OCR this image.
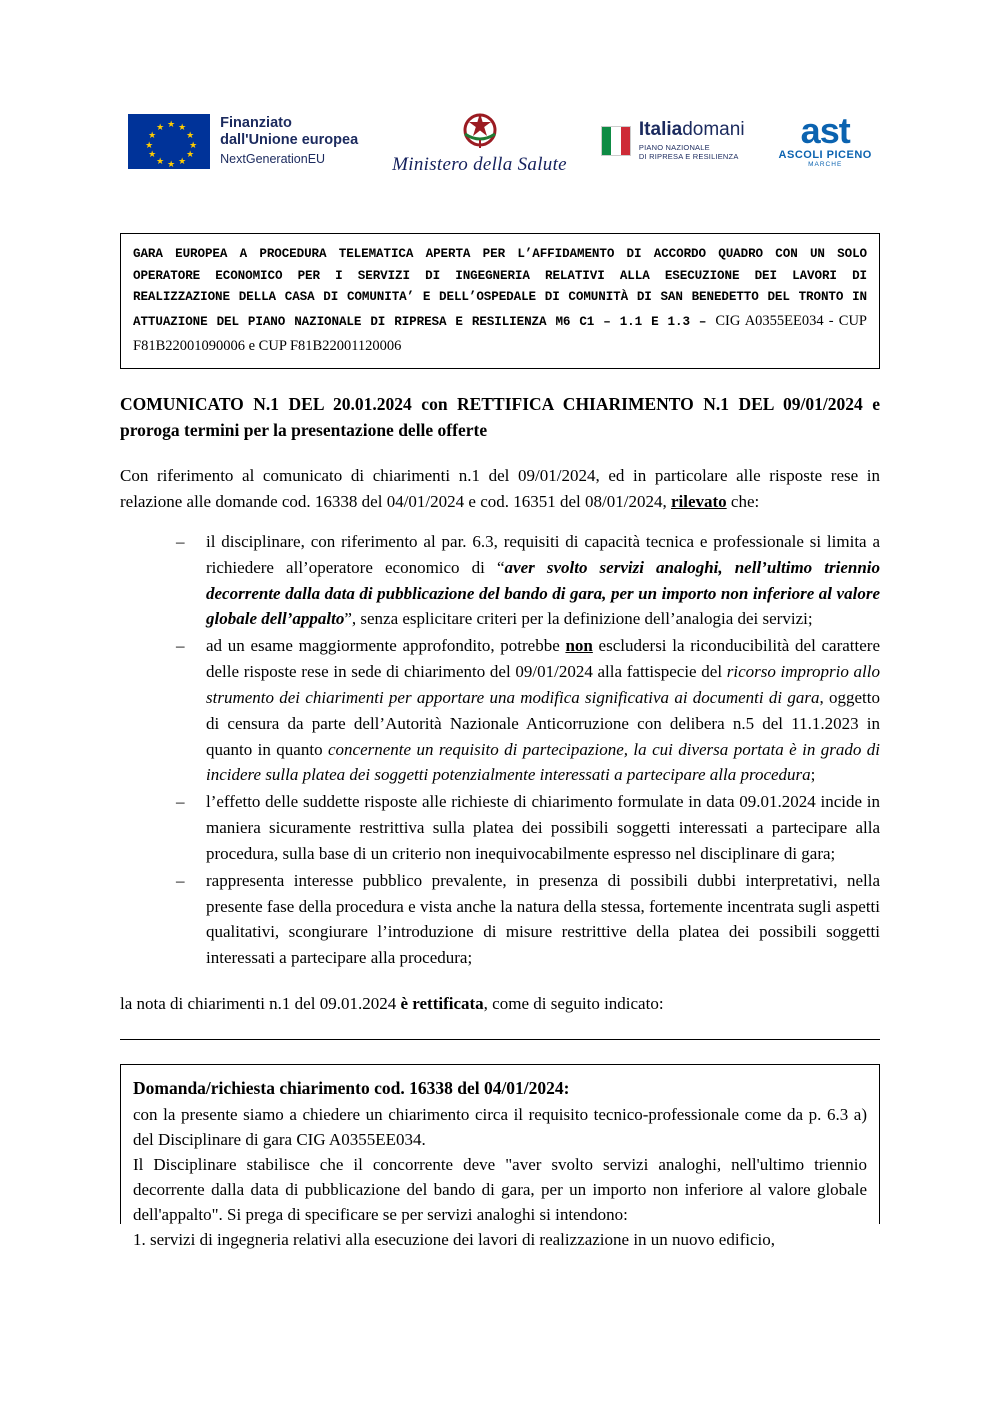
★ ★
★
★
★
★
★
★
★
★
★
★	Finanziato
dall'Unione europea
NextGenerationEU	Ministero della Salute
Italiadomani
PIANO NAZIONALE
DI RIPRESA E RESILIENZA
ast
ASCOLI PICENO
MARCHE
GARA EUROPEA A PROCEDURA TELEMATICA APERTA PER L’AFFIDAMENTO DI ACCORDO QUADRO CON UN SOLO OPERATORE ECONOMICO PER I SERVIZI DI INGEGNERIA RELATIVI ALLA ESECUZIONE DEI LAVORI DI REALIZZAZIONE DELLA CASA DI COMUNITA’ E DELL’OSPEDALE DI COMUNITÀ DI SAN BENEDETTO DEL TRONTO IN ATTUAZIONE DEL PIANO NAZIONALE DI RIPRESA E RESILIENZA M6 C1 – 1.1 E 1.3 – CIG A0355EE034 - CUP F81B22001090006 e CUP F81B22001120006
COMUNICATO N.1 DEL 20.01.2024 con RETTIFICA CHIARIMENTO N.1 DEL 09/01/2024 e proroga termini per la presentazione delle offerte

Con riferimento al comunicato di chiarimenti n.1 del 09/01/2024, ed in particolare alle risposte rese in relazione alle domande cod. 16338 del 04/01/2024 e cod. 16351 del 08/01/2024, rilevato che:

– il disciplinare, con riferimento al par. 6.3, requisiti di capacità tecnica e professionale si limita a richiedere all’operatore economico di “aver svolto servizi analoghi, nell’ultimo triennio decorrente dalla data di pubblicazione del bando di gara, per un importo non inferiore al valore globale dell’appalto”, senza esplicitare criteri per la definizione dell’analogia dei servizi;
– ad un esame maggiormente approfondito, potrebbe non escludersi la riconducibilità del carattere delle risposte rese in sede di chiarimento del 09/01/2024 alla fattispecie del ricorso improprio allo strumento dei chiarimenti per apportare una modifica significativa ai documenti di gara, oggetto di censura da parte dell’Autorità Nazionale Anticorruzione con delibera n.5 del 11.1.2023 in quanto in quanto concernente un requisito di partecipazione, la cui diversa portata è in grado di incidere sulla platea dei soggetti potenzialmente interessati a partecipare alla procedura;
– l’effetto delle suddette risposte alle richieste di chiarimento formulate in data 09.01.2024 incide in maniera sicuramente restrittiva sulla platea dei possibili soggetti interessati a partecipare alla procedura, sulla base di un criterio non inequivocabilmente espresso nel disciplinare di gara;
– rappresenta interesse pubblico prevalente, in presenza di possibili dubbi interpretativi, nella presente fase della procedura e vista anche la natura della stessa, fortemente incentrata sugli aspetti qualitativi, scongiurare l’introduzione di misure restrittive della platea dei possibili soggetti interessati a partecipare alla procedura;

la nota di chiarimenti n.1 del 09.01.2024 è rettificata, come di seguito indicato:

Domanda/richiesta chiarimento cod. 16338 del 04/01/2024:

con la presente siamo a chiedere un chiarimento circa il requisito tecnico-professionale come da p. 6.3 a) del Disciplinare di gara CIG A0355EE034.

Il Disciplinare stabilisce che il concorrente deve "aver svolto servizi analoghi, nell'ultimo triennio decorrente dalla data di pubblicazione del bando di gara, per un importo non inferiore al valore globale dell'appalto". Si prega di specificare se per servizi analoghi si intendono:

1. servizi di ingegneria relativi alla esecuzione dei lavori di realizzazione in un nuovo edificio,
